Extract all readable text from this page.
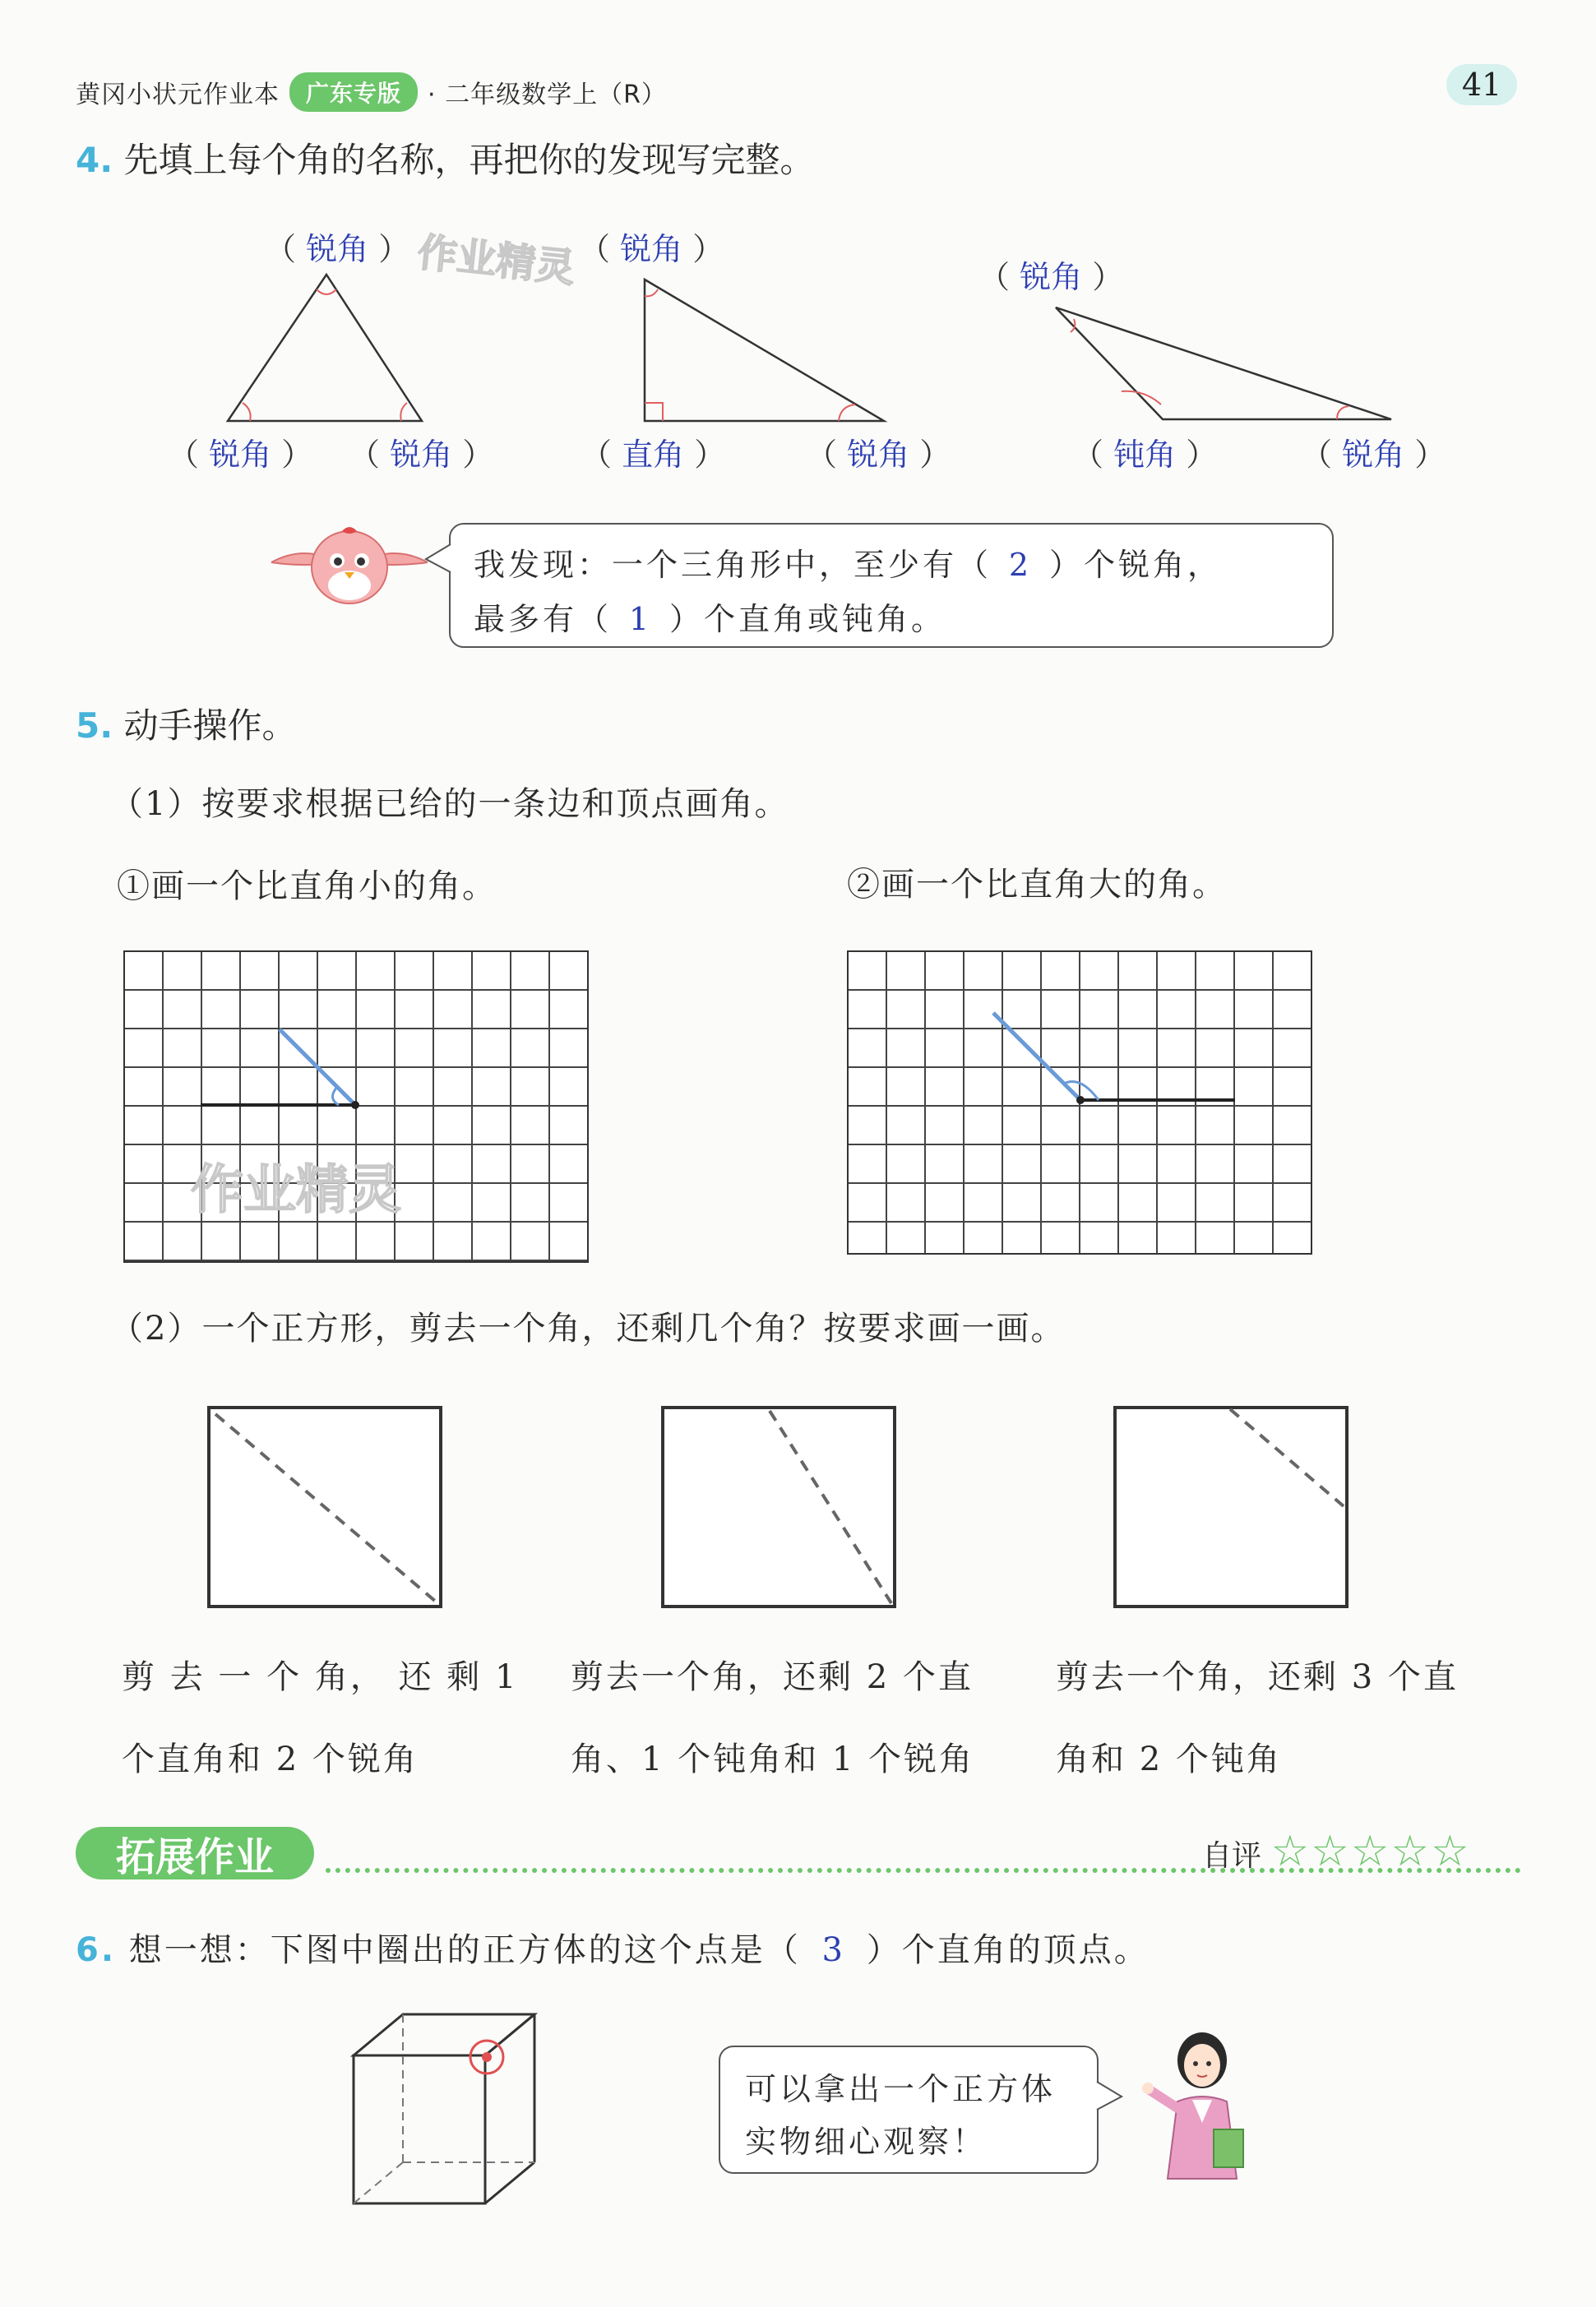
黄冈小状元作业本	广东专版	· 二年级数学上（R）	41
4. 先填上每个角的名称，再把你的发现写完整。
（ 锐角 ）
（ 锐角 ） （ 锐角 ）
（ 锐角 ）
（ 直角 ）	（ 锐角 ）
（ 锐角 ）
（ 钝角 ）	（ 锐角 ）
我发现：一个三角形中，至少有（ 2 ）个锐角，
最多有（ 1 ）个直角或钝角。
5. 动手操作。
（1）按要求根据已给的一条边和顶点画角。
①画一个比直角小的角。	②画一个比直角大的角。
（2）一个正方形，剪去一个角，还剩几个角？按要求画一画。
剪 去 一 个 角， 还 剩 1
个直角和 2 个锐角
剪去一个角，还剩 2 个直
角、1 个钝角和 1 个锐角
剪去一个角，还剩 3 个直
角和 2 个钝角
拓展作业	自评 ☆☆☆☆☆
6. 想一想：下图中圈出的正方体的这个点是（ 3 ）个直角的顶点。
可以拿出一个正方体
实物细心观察！
作业精灵
作业精灵
